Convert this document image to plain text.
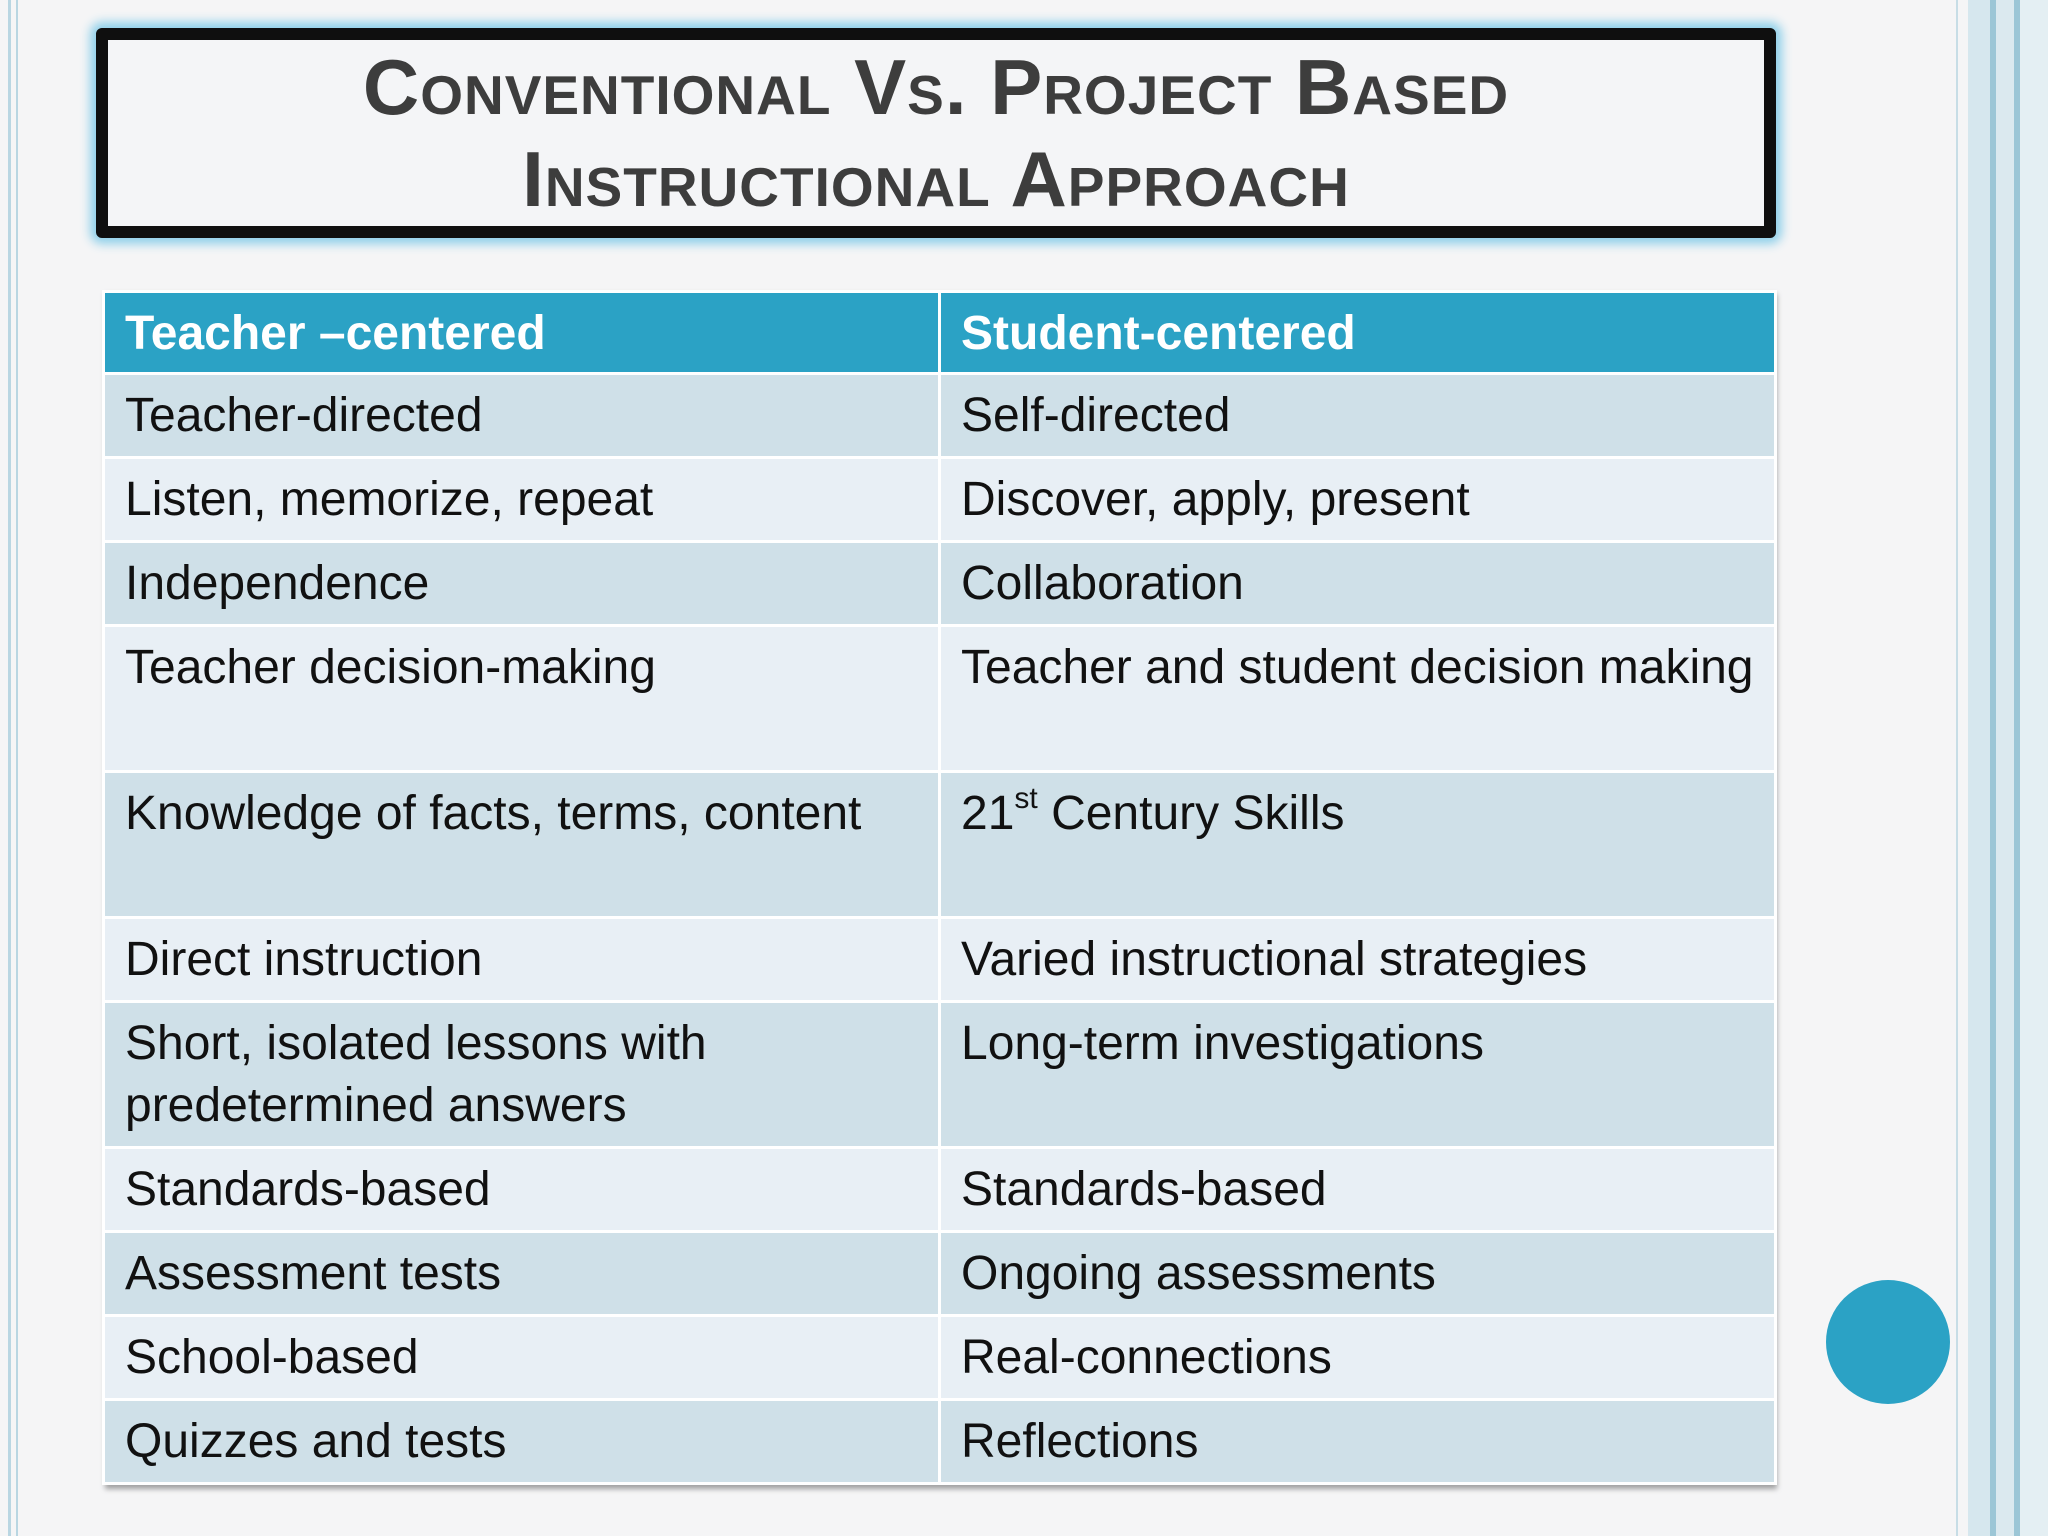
Conventional Vs. Project Based
Instructional Approach
Teacher –centered	Student-centered
Teacher-directed	Self-directed
Listen, memorize, repeat	Discover, apply, present
Independence	Collaboration
Teacher decision-making	Teacher and student decision making
Knowledge of facts, terms, content	21st Century Skills
Direct instruction	Varied instructional strategies
Short, isolated lessons with predetermined answers	Long-term investigations
Standards-based	Standards-based
Assessment tests	Ongoing assessments
School-based	Real-connections
Quizzes and tests	Reflections
